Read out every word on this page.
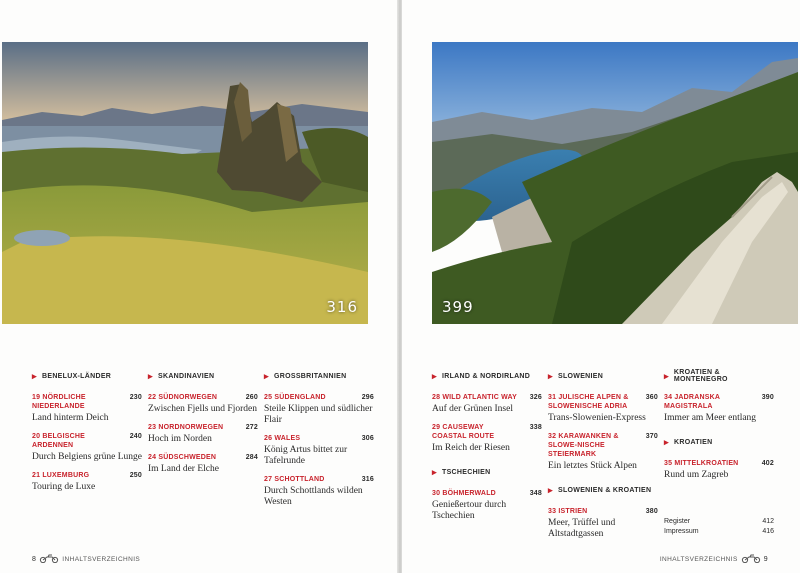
316
▸ BENELUX-LÄNDER
19 NÖRDLICHE NIEDERLANDE
230
Land hinterm Deich
20 BELGISCHE ARDENNEN
240
Durch Belgiens grüne Lunge
21 LUXEMBURG	250
Touring de Luxe
▸ SKANDINAVIEN
22 SÜDNORWEGEN	260
Zwischen Fjells und Fjorden
23 NORDNORWEGEN	272
Hoch im Norden
24 SÜDSCHWEDEN	284
Im Land der Elche
▸ GROSSBRITANNIEN
25 SÜDENGLAND	296
Steile Klippen und südlicher Flair
26 WALES	306
König Artus bittet zur Tafelrunde
27 SCHOTTLAND	316
Durch Schottlands wilden Westen
8	INHALTSVERZEICHNIS
399
▸ IRLAND & NORDIRLAND
28 WILD ATLANTIC WAY 326
Auf der Grünen Insel
29 CAUSEWAY COASTAL ROUTE
338
Im Reich der Riesen
▸ TSCHECHIEN
30 BÖHMERWALD	348
Genießertour durch Tschechien
▸ SLOWENIEN
31 JULISCHE ALPEN & SLOWENISCHE ADRIA
360
Trans-Slowenien-Express
32 KARAWANKEN & SLOWE-NISCHE STEIERMARK
370
Ein letztes Stück Alpen
▸ SLOWENIEN & KROATIEN
33 ISTRIEN	380
Meer, Trüffel und Altstadtgassen
▸ KROATIEN & MONTENEGRO
34 JADRANSKA MAGISTRALA
390
Immer am Meer entlang
▸ KROATIEN
35 MITTELKROATIEN	402
Rund um Zagreb
Register	412
Impressum	416
INHALTSVERZEICHNIS	9
